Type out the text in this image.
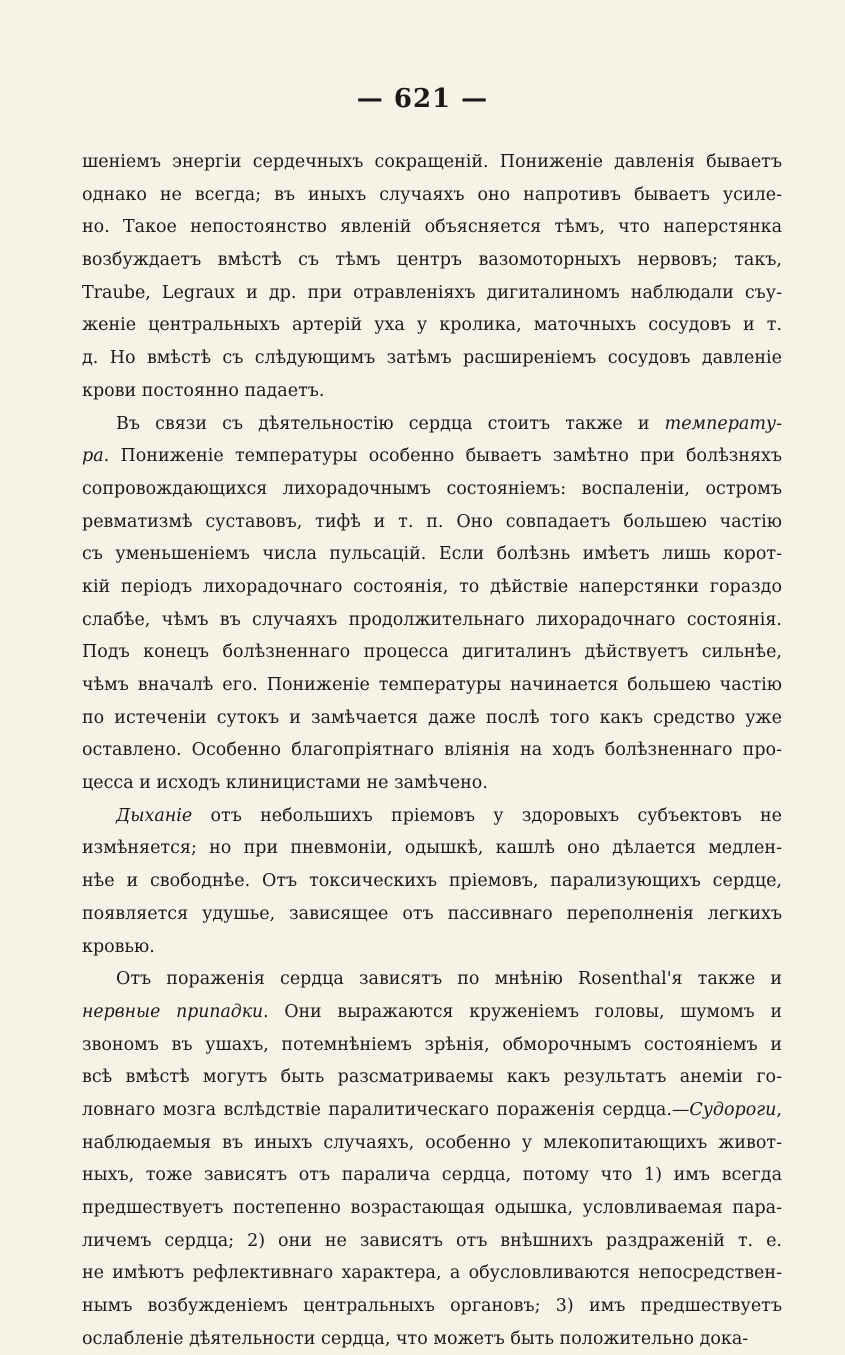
— 621 —
шеніемъ энергіи сердечныхъ сокращеній. Пониженіе давленія бываетъ
однако не всегда; въ иныхъ случаяхъ оно напротивъ бываетъ усиле-
но. Такое непостоянство явленій объясняется тѣмъ, что наперстянка
возбуждаетъ вмѣстѣ съ тѣмъ центръ вазомоторныхъ нервовъ; такъ,
Traube, Legraux и др. при отравленіяхъ дигиталиномъ наблюдали съу-
женіе центральныхъ артерій уха у кролика, маточныхъ сосудовъ и т.
д. Но вмѣстѣ съ слѣдующимъ затѣмъ расширеніемъ сосудовъ давленіе
крови постоянно падаетъ.
Въ связи съ дѣятельностію сердца стоитъ также и температу-
ра. Пониженіе температуры особенно бываетъ замѣтно при болѣзняхъ
сопровождающихся лихорадочнымъ состояніемъ: воспаленіи, остромъ
ревматизмѣ суставовъ, тифѣ и т. п. Оно совпадаетъ большею частію
съ уменьшеніемъ числа пульсацій. Если болѣзнь имѣетъ лишь корот-
кій періодъ лихорадочнаго состоянія, то дѣйствіе наперстянки гораздо
слабѣе, чѣмъ въ случаяхъ продолжительнаго лихорадочнаго состоянія.
Подъ конецъ болѣзненнаго процесса дигиталинъ дѣйствуетъ сильнѣе,
чѣмъ вначалѣ его. Пониженіе температуры начинается большею частію
по истеченіи сутокъ и замѣчается даже послѣ того какъ средство уже
оставлено. Особенно благопріятнаго вліянія на ходъ болѣзненнаго про-
цесса и исходъ клиницистами не замѣчено.
Дыханіе отъ небольшихъ пріемовъ у здоровыхъ субъектовъ не
измѣняется; но при пневмоніи, одышкѣ, кашлѣ оно дѣлается медлен-
нѣе и свободнѣе. Отъ токсическихъ пріемовъ, парализующихъ сердце,
появляется удушье, зависящее отъ пассивнаго переполненія легкихъ
кровью.
Отъ пораженія сердца зависятъ по мнѣнію Rosenthal'я также и
нервные припадки. Они выражаются круженіемъ головы, шумомъ и
звономъ въ ушахъ, потемнѣніемъ зрѣнія, обморочнымъ состояніемъ и
всѣ вмѣстѣ могутъ быть разсматриваемы какъ результатъ анеміи го-
ловнаго мозга вслѣдствіе паралитическаго пораженія сердца.—Судороги,
наблюдаемыя въ иныхъ случаяхъ, особенно у млекопитающихъ живот-
ныхъ, тоже зависятъ отъ паралича сердца, потому что 1) имъ всегда
предшествуетъ постепенно возрастающая одышка, условливаемая пара-
личемъ сердца; 2) они не зависятъ отъ внѣшнихъ раздраженій т. е.
не имѣютъ рефлективнаго характера, а обусловливаются непосредствен-
нымъ возбужденіемъ центральныхъ органовъ; 3) имъ предшествуетъ
ослабленіе дѣятельности сердца, что можетъ быть положительно дока-
